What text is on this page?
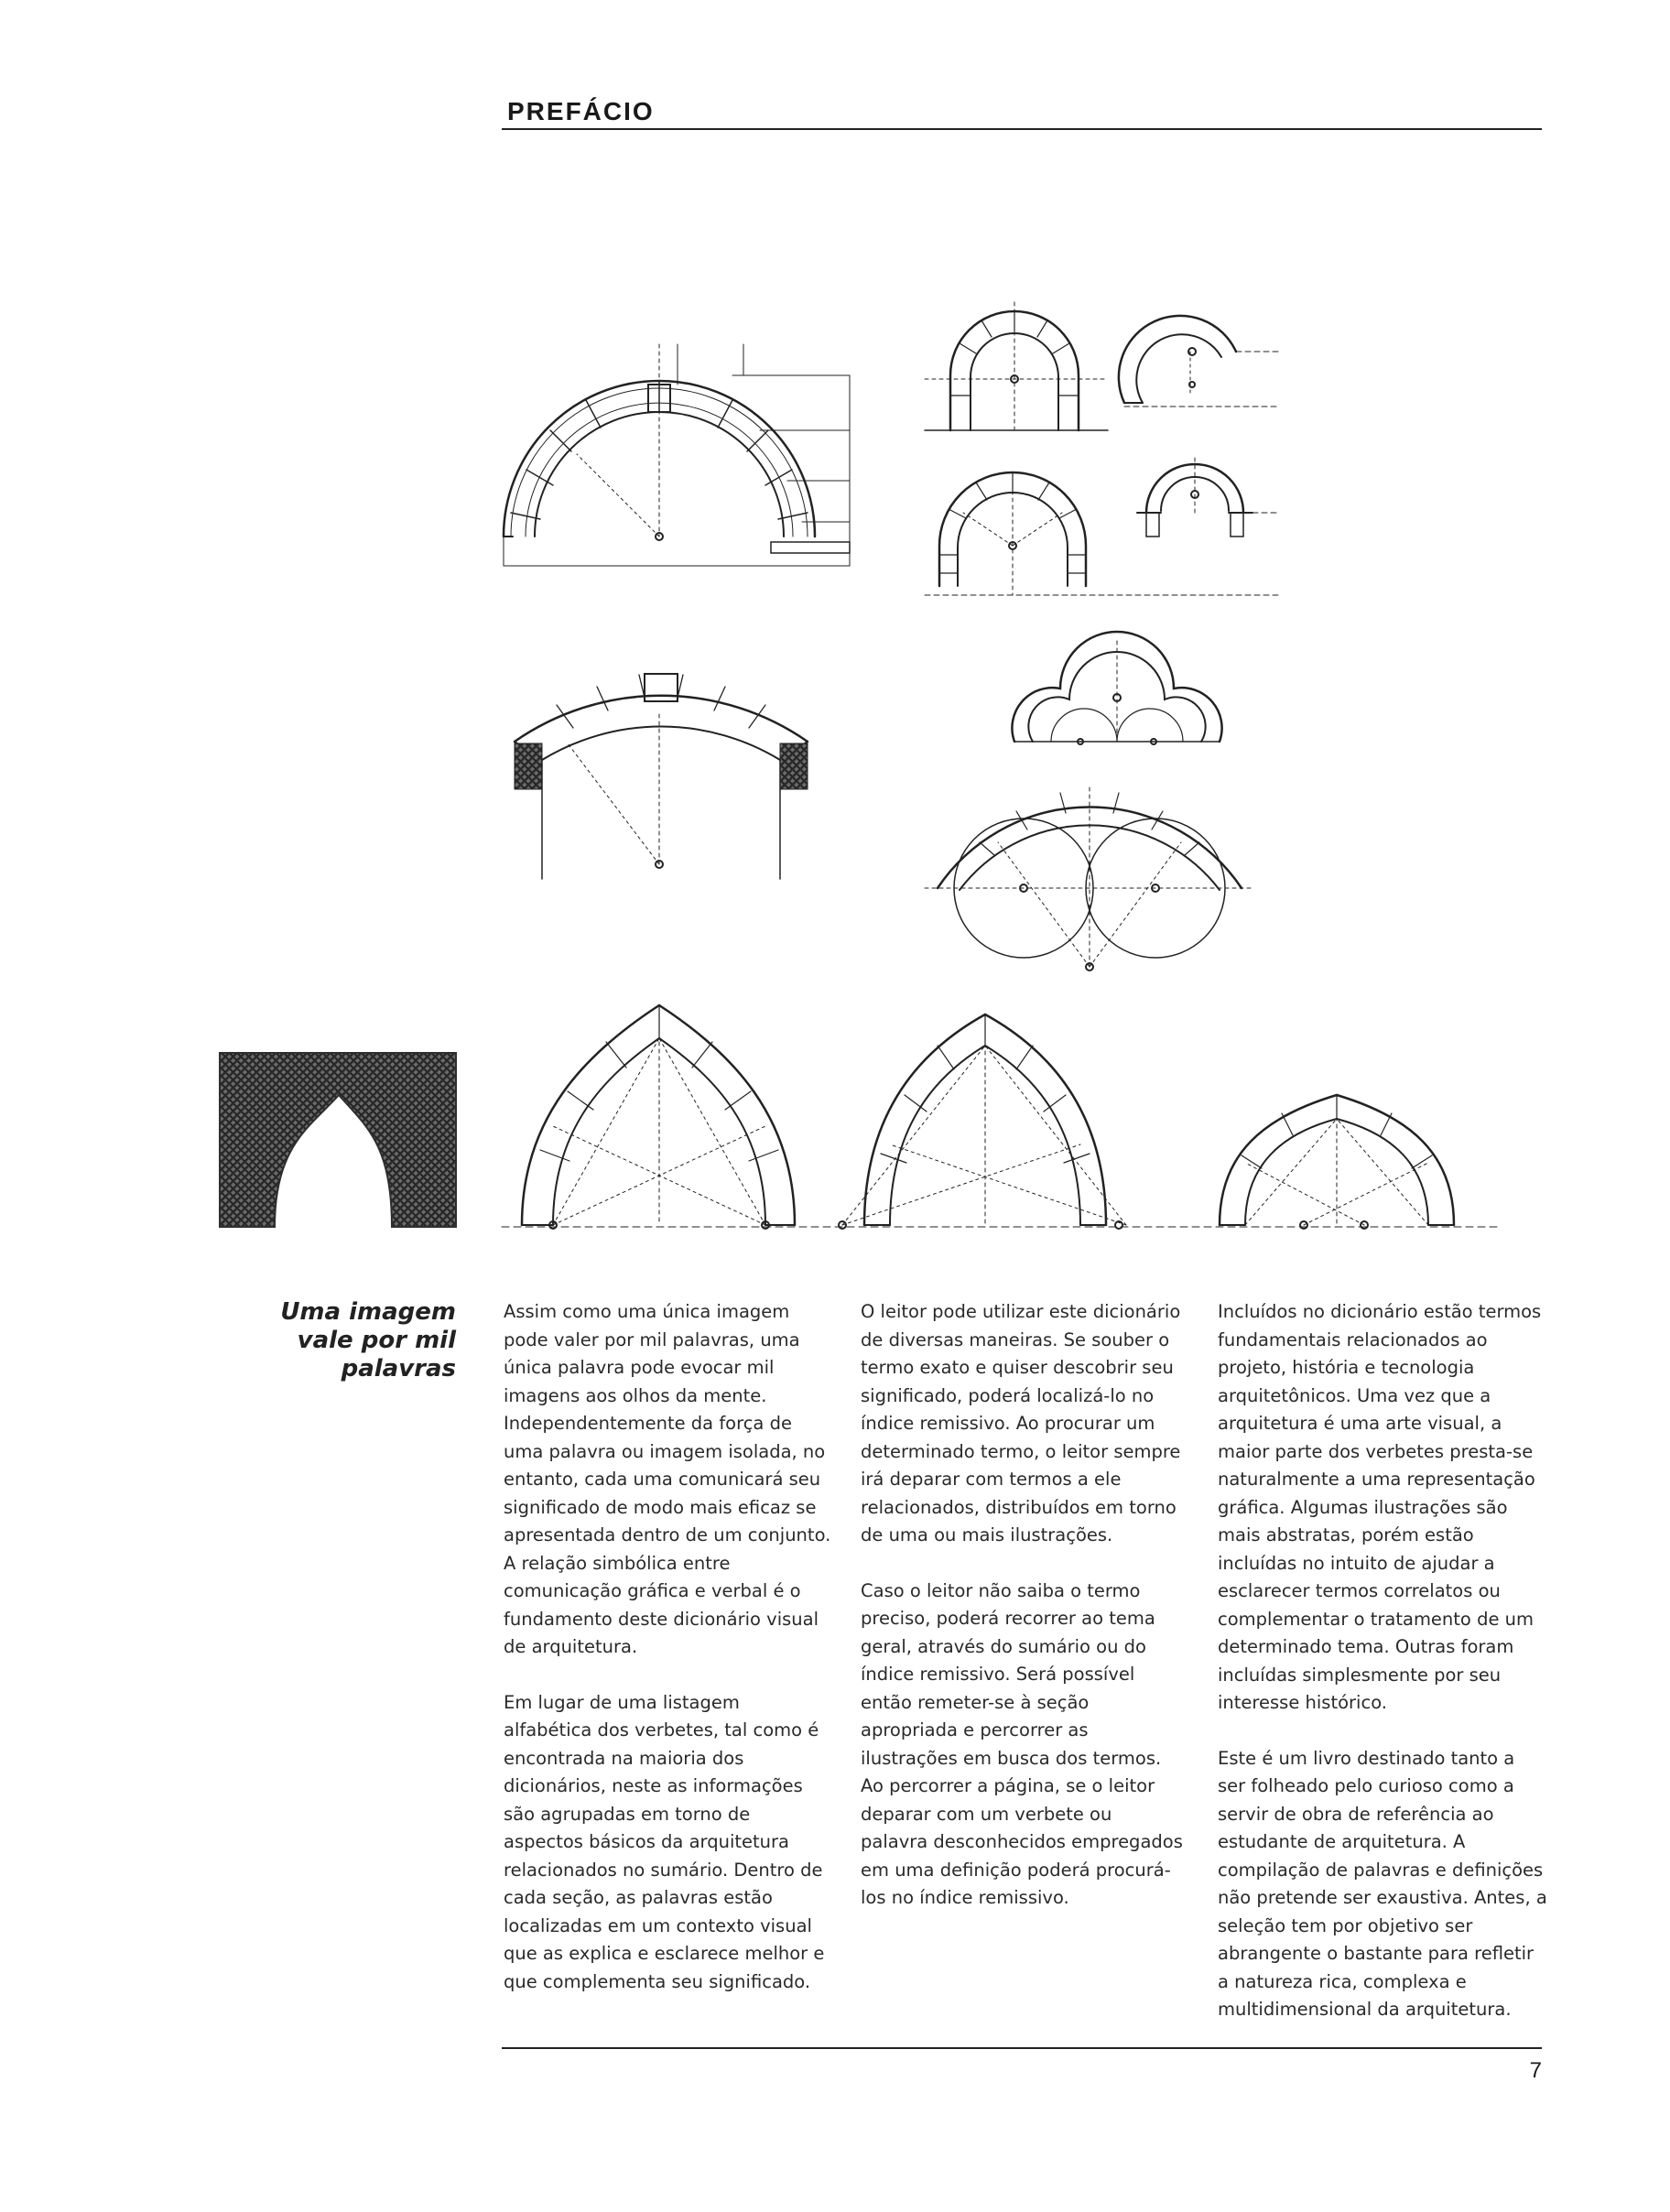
PREFÁCIO
Uma imagem
vale por mil
palavras

Assim como uma única imagem pode valer por mil palavras, uma única palavra pode evocar mil imagens aos olhos da mente. Independentemente da força de uma palavra ou imagem isolada, no entanto, cada uma comunicará seu significado de modo mais eficaz se apresentada dentro de um conjunto. A relação simbólica entre comunicação gráfica e verbal é o fundamento deste dicionário visual de arquitetura.

Em lugar de uma listagem alfabética dos verbetes, tal como é encontrada na maioria dos dicionários, neste as informações são agrupadas em torno de aspectos básicos da arquitetura relacionados no sumário. Dentro de cada seção, as palavras estão localizadas em um contexto visual que as explica e esclarece melhor e que complementa seu significado.

O leitor pode utilizar este dicionário de diversas maneiras. Se souber o termo exato e quiser descobrir seu significado, poderá localizá-lo no índice remissivo. Ao procurar um determinado termo, o leitor sempre irá deparar com termos a ele relacionados, distribuídos em torno de uma ou mais ilustrações.

Caso o leitor não saiba o termo preciso, poderá recorrer ao tema geral, através do sumário ou do índice remissivo. Será possível então remeter-se à seção apropriada e percorrer as ilustrações em busca dos termos. Ao percorrer a página, se o leitor deparar com um verbete ou palavra desconhecidos empregados em uma definição poderá procurá-los no índice remissivo.

Incluídos no dicionário estão termos fundamentais relacionados ao projeto, história e tecnologia arquitetônicos. Uma vez que a arquitetura é uma arte visual, a maior parte dos verbetes presta-se naturalmente a uma representação gráfica. Algumas ilustrações são mais abstratas, porém estão incluídas no intuito de ajudar a esclarecer termos correlatos ou complementar o tratamento de um determinado tema. Outras foram incluídas simplesmente por seu interesse histórico.

Este é um livro destinado tanto a ser folheado pelo curioso como a servir de obra de referência ao estudante de arquitetura. A compilação de palavras e definições não pretende ser exaustiva. Antes, a seleção tem por objetivo ser abrangente o bastante para refletir a natureza rica, complexa e multidimensional da arquitetura.

7
